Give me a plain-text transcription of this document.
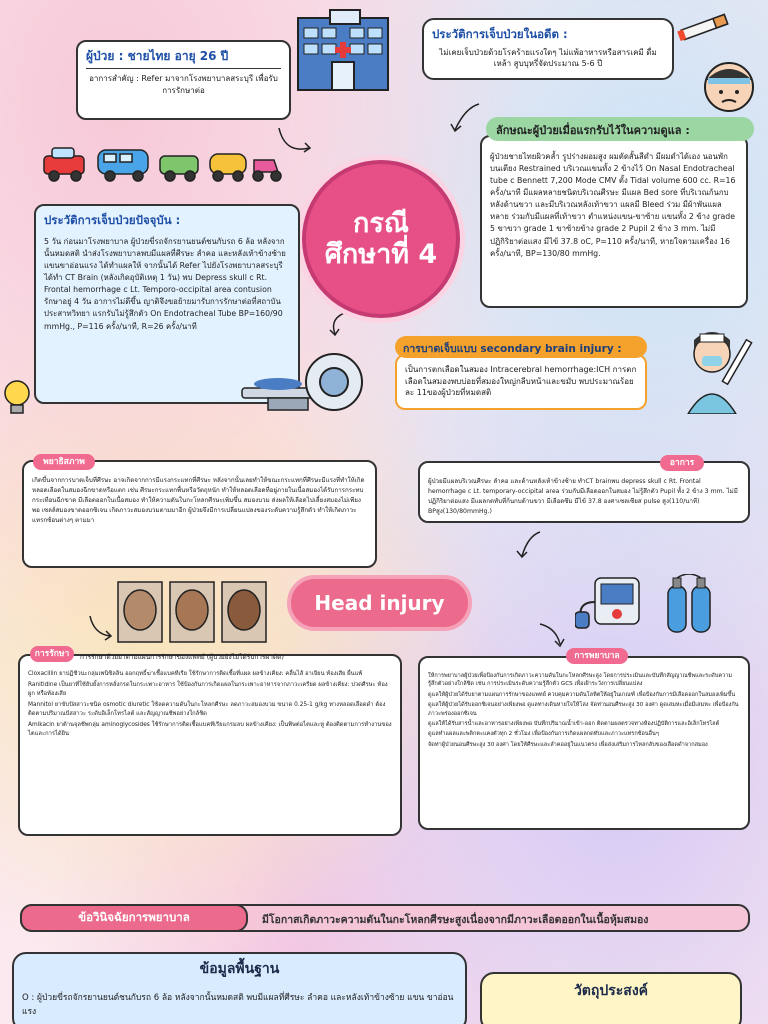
ผู้ป่วย : ชายไทย อายุ 26 ปี
อาการสำคัญ : Refer มาจากโรงพยาบาลสระบุรี เพื่อรับการรักษาต่อ
ประวัติการเจ็บป่วยในอดีต :
ไม่เคยเจ็บป่วยด้วยโรคร้ายแรงใดๆ ไม่แพ้อาหารหรือสารเคมี ดื่มเหล้า สูบบุหรี่จัดประมาณ 5-6 ปี
ผู้ป่วยชายไทยผิวคล้ำ รูปร่างผอมสูง ผมตัดสั้นสีดำ มีผมดำได้เอง นอนพักบนเตียง Restrained บริเวณแขนทั้ง 2 ข้างไว้ On Nasal Endotracheal tube c Bennett 7,200 Mode CMV ตั้ง Tidal volume 600 cc. R=16 ครั้ง/นาที มีแผลหลายชนิดบริเวณศีรษะ มีแผล Bed sore ที่บริเวณก้นกบหลังด้านขวา และมีบริเวณหลังเท้าขวา แผลมี Bleed ร่วม มีผ้าพันแผลหลาย ร่วมกับมีแผลที่เท้าขวา ตำแหน่งแขน-ขาซ้าย แขนทั้ง 2 ข้าง grade 5 ขาขวา grade 1 ขาซ้ายข้าง grade 2 Pupil 2 ข้าง 3 mm. ไม่มีปฏิกิริยาต่อแสง มีไข้ 37.8 oC, P=110 ครั้ง/นาที, หายใจตามเครื่อง 16 ครั้ง/นาที, BP=130/80 mmHg.
ลักษณะผู้ป่วยเมื่อแรกรับไว้ในความดูแล :
กรณี
ศึกษาที่ 4
5 วัน ก่อนมาโรงพยาบาล ผู้ป่วยขี่รถจักรยานยนต์ชนกับรถ 6 ล้อ หลังจากนั้นหมดสติ นำส่งโรงพยาบาลพบมีแผลที่ศีรษะ ลำคอ และหลังเท้าข้างซ้าย แขนขาอ่อนแรง ได้ทำแผลให้ จากนั้นได้ Refer ไปยังโรงพยาบาลสระบุรี ได้ทำ CT Brain (หลังเกิดอุบัติเหตุ 1 วัน) พบ Depress skull c Rt. Frontal hemorrhage c Lt. Temporo-occipital area contusion รักษาอยู่ 4 วัน อาการไม่ดีขึ้น ญาติจึงขอย้ายมารับการรักษาต่อที่สถาบันประสาทวิทยา แรกรับไม่รู้สึกตัว On Endotracheal Tube BP=160/90 mmHg., P=116 ครั้ง/นาที, R=26 ครั้ง/นาที
ประวัติการเจ็บป่วยปัจจุบัน :
เป็นการตกเลือดในสมอง Intracerebral hemorrhage:ICH การตกเลือดในสมองพบบ่อยที่สมองใหญ่กลีบหน้าและขมับ พบประมาณร้อยละ 11ของผู้ป่วยที่หมดสติ
การบาดเจ็บแบบ secondary brain injury :
เกิดขึ้นจากการบาดเจ็บที่ศีรษะ อาจเกิดจากการมีแรงกระแทกที่ศีรษะ หลังจากนั้นเลยทำให้ขณะกระแทกที่ศีรษะมีแรงที่ทำให้เกิดหลอดเลือดในสมองฉีกขาดหรือแตก เช่น ศีรษะกระแทกพื้นหรือวัตถุหนัก ทำให้หลอดเลือดที่อยู่ภายในเนื้อสมองได้รับการกระทบกระเทือนฉีกขาด มีเลือดออกในเนื้อสมอง ทำให้ความดันในกะโหลกศีรษะเพิ่มขึ้น สมองบวม ส่งผลให้เลือดไปเลี้ยงสมองไม่เพียงพอ เซลล์สมองขาดออกซิเจน เกิดภาวะสมองบวมตามมาอีก ผู้ป่วยจึงมีการเปลี่ยนแปลงของระดับความรู้สึกตัว ทำให้เกิดภาวะแทรกซ้อนต่างๆ ตามมา
พยาธิสภาพ
ผู้ป่วยมีแผลบริเวณศีรษะ ลำคอ และด้านหลังเท้าข้างซ้าย ทำCT brainพบ depress skull c Rt. Frontal hemorrhage c Lt. temporary-occipital area ร่วมกับมีเลือดออกในสมอง ไม่รู้สึกตัว Pupil ทั้ง 2 ข้าง 3 mm. ไม่มีปฏิกิริยาต่อแสง มีแผลกดทับที่ก้นกบด้านขวา มีเลือดซึม มีไข้ 37.8 องศาเซลเซียส pulse สูง(110/นาที) BPสูง(130/80mmHg.)
อาการ
Head injury
Cloxacillin ยาปฏิชีวนะกลุ่มเพนิซิลลิน ออกฤทธิ์ฆ่าเชื้อแบคทีเรีย ใช้รักษาการติดเชื้อที่แผล ผลข้างเคียง: คลื่นไส้ อาเจียน ท้องเสีย ผื่นแพ้
Ranitidine เป็นยาที่ใช้ยับยั้งการหลั่งกรดในกระเพาะอาหาร ใช้ป้องกันการเกิดแผลในกระเพาะอาหารจากภาวะเครียด ผลข้างเคียง: ปวดศีรษะ ท้องผูก หรือท้องเสีย
Mannitol ยาขับปัสสาวะชนิด osmotic diuretic ใช้ลดความดันในกะโหลกศีรษะ ลดภาวะสมองบวม ขนาด 0.25-1 g/kg ทางหลอดเลือดดำ ต้องติดตามปริมาณปัสสาวะ ระดับอิเล็กโทรไลต์ และสัญญาณชีพอย่างใกล้ชิด
Amikacin ยาต้านจุลชีพกลุ่ม aminoglycosides ใช้รักษาการติดเชื้อแบคทีเรียแกรมลบ ผลข้างเคียง: เป็นพิษต่อไตและหู ต้องติดตามการทำงานของไตและการได้ยิน
การรักษา	การรักษาด้วยยาตามแผนการรักษาของแพทย์ (ผู้ป่วยยังไม่ได้รับการผ่าตัด)
ให้การพยาบาลผู้ป่วยเพื่อป้องกันการเกิดภาวะความดันในกะโหลกศีรษะสูง โดยการประเมินและบันทึกสัญญาณชีพและระดับความรู้สึกตัวอย่างใกล้ชิด เช่น การประเมินระดับความรู้สึกตัว GCS เพื่อเฝ้าระวังการเปลี่ยนแปลง
ดูแลให้ผู้ป่วยได้รับยาตามแผนการรักษาของแพทย์ ควบคุมความดันโลหิตให้อยู่ในเกณฑ์ เพื่อป้องกันการมีเลือดออกในสมองเพิ่มขึ้น
ดูแลให้ผู้ป่วยได้รับออกซิเจนอย่างเพียงพอ ดูแลทางเดินหายใจให้โล่ง จัดท่านอนศีรษะสูง 30 องศา ดูดเสมหะเมื่อมีเสมหะ เพื่อป้องกันภาวะพร่องออกซิเจน
ดูแลให้ได้รับสารน้ำและอาหารอย่างเพียงพอ บันทึกปริมาณน้ำเข้า-ออก ติดตามผลตรวจทางห้องปฏิบัติการและอิเล็กโทรไลต์
ดูแลทำแผลและพลิกตะแคงตัวทุก 2 ชั่วโมง เพื่อป้องกันการเกิดแผลกดทับและภาวะแทรกซ้อนอื่นๆ
จัดท่าผู้ป่วยนอนศีรษะสูง 30 องศา โดยให้ศีรษะและลำคออยู่ในแนวตรง เพื่อส่งเสริมการไหลกลับของเลือดดำจากสมอง
การพยาบาล
ข้อวินิจฉัยการพยาบาล	มีโอกาสเกิดภาวะความดันในกะโหลกศีรษะสูงเนื่องจากมีภาวะเลือดออกในเนื้อหุ้มสมอง
ข้อมูลพื้นฐาน
O : ผู้ป่วยขี่รถจักรยานยนต์ชนกับรถ 6 ล้อ หลังจากนั้นหมดสติ พบมีแผลที่ศีรษะ ลำคอ และหลังเท้าข้างซ้าย แขน ขาอ่อนแรง
วัตถุประสงค์
